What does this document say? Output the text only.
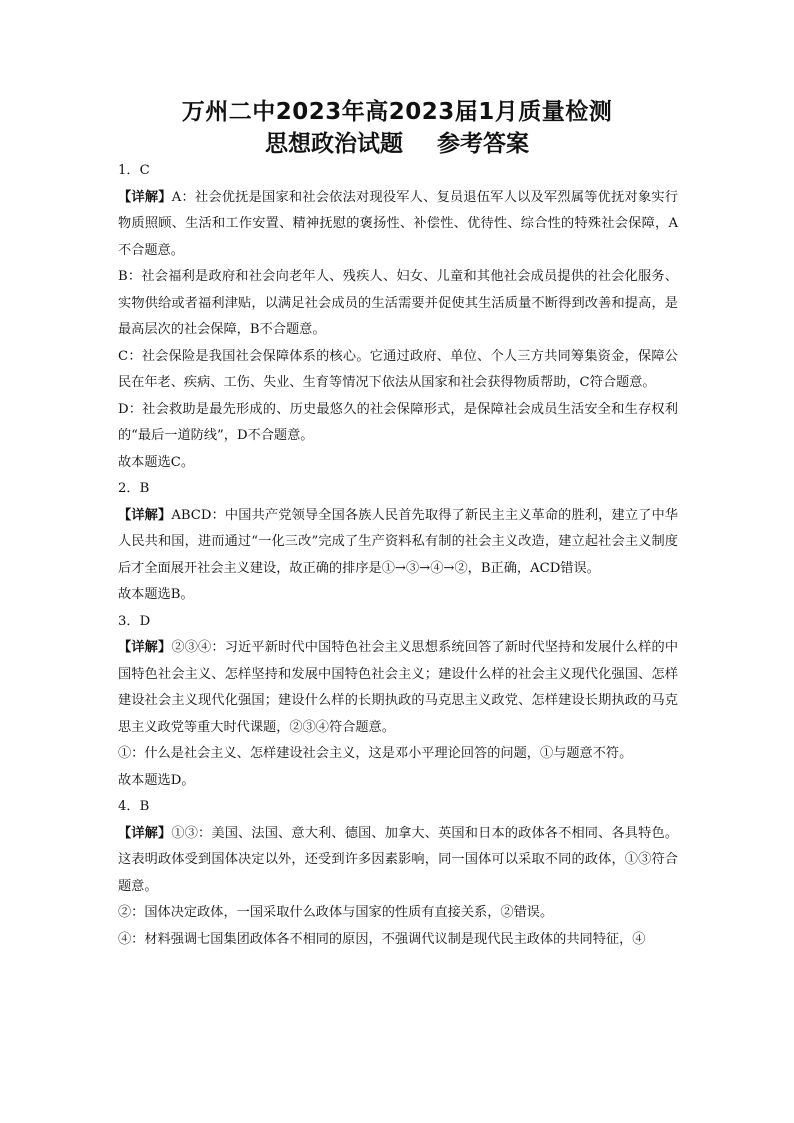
万州二中2023年高2023届1月质量检测
思想政治试题 参考答案
1．C
【详解】A：社会优抚是国家和社会依法对现役军人、复员退伍军人以及军烈属等优抚对象实行物质照顾、生活和工作安置、精神抚慰的褒扬性、补偿性、优待性、综合性的特殊社会保障，A不合题意。
B：社会福利是政府和社会向老年人、残疾人、妇女、儿童和其他社会成员提供的社会化服务、实物供给或者福利津贴，以满足社会成员的生活需要并促使其生活质量不断得到改善和提高，是最高层次的社会保障，B不合题意。
C：社会保险是我国社会保障体系的核心。它通过政府、单位、个人三方共同筹集资金，保障公民在年老、疾病、工伤、失业、生育等情况下依法从国家和社会获得物质帮助，C符合题意。
D：社会救助是最先形成的、历史最悠久的社会保障形式，是保障社会成员生活安全和生存权利的“最后一道防线”，D不合题意。
故本题选C。
2．B
【详解】ABCD：中国共产党领导全国各族人民首先取得了新民主主义革命的胜利，建立了中华人民共和国，进而通过“一化三改”完成了生产资料私有制的社会主义改造，建立起社会主义制度后才全面展开社会主义建设，故正确的排序是①→③→④→②，B正确，ACD错误。
故本题选B。
3．D
【详解】②③④：习近平新时代中国特色社会主义思想系统回答了新时代坚持和发展什么样的中国特色社会主义、怎样坚持和发展中国特色社会主义；建设什么样的社会主义现代化强国、怎样建设社会主义现代化强国；建设什么样的长期执政的马克思主义政党、怎样建设长期执政的马克思主义政党等重大时代课题，②③④符合题意。
①：什么是社会主义、怎样建设社会主义，这是邓小平理论回答的问题，①与题意不符。
故本题选D。
4．B
【详解】①③：美国、法国、意大利、德国、加拿大、英国和日本的政体各不相同、各具特色。这表明政体受到国体决定以外，还受到许多因素影响，同一国体可以采取不同的政体，①③符合题意。
②：国体决定政体，一国采取什么政体与国家的性质有直接关系，②错误。
④：材料强调七国集团政体各不相同的原因，不强调代议制是现代民主政体的共同特征，④
